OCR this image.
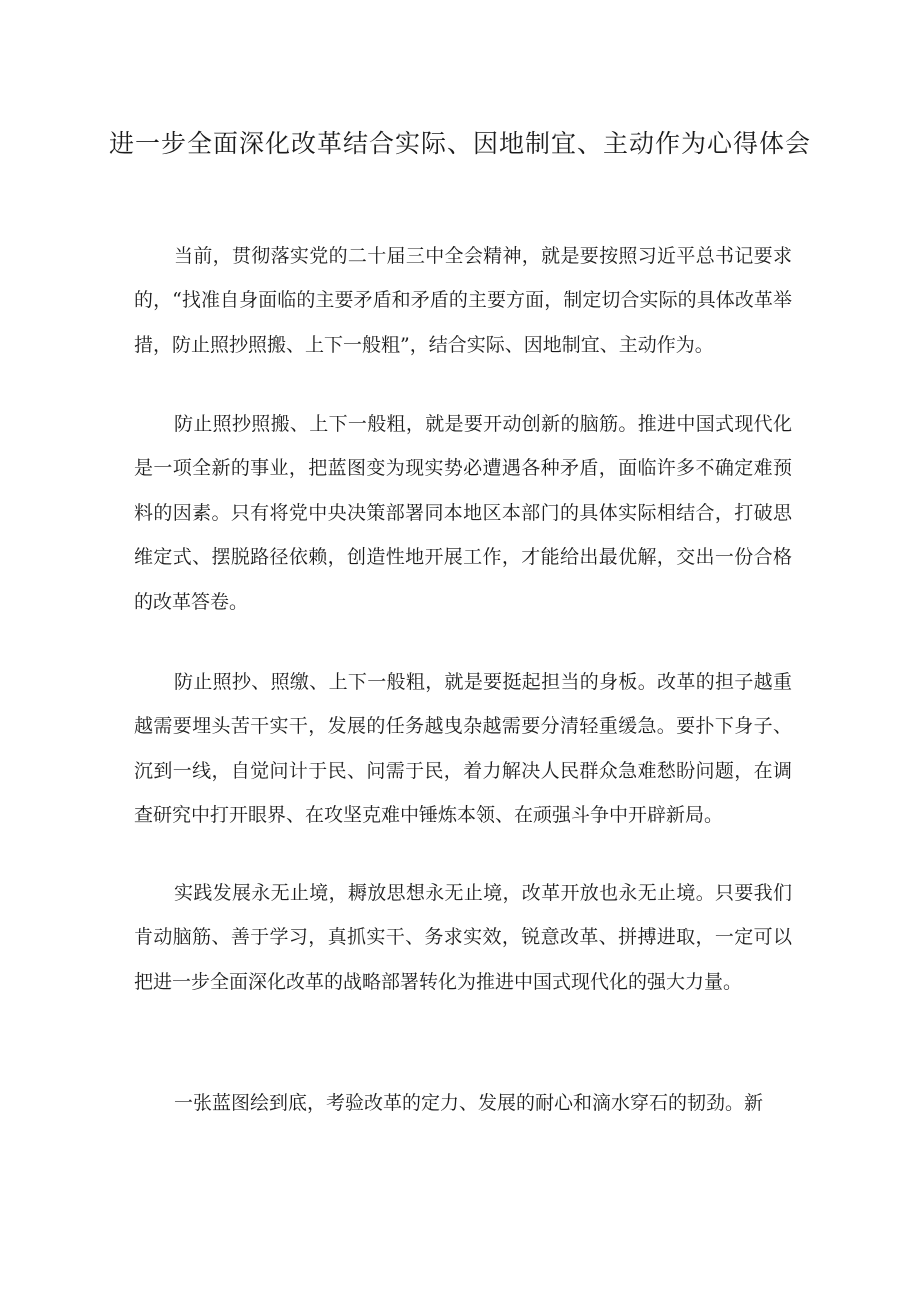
进一步全面深化改革结合实际、因地制宜、主动作为心得体会

当前，贯彻落实党的二十届三中全会精神，就是要按照习近平总书记要求的，“找准自身面临的主要矛盾和矛盾的主要方面，制定切合实际的具体改革举措，防止照抄照搬、上下一般粗”，结合实际、因地制宜、主动作为。

防止照抄照搬、上下一般粗，就是要开动创新的脑筋。推进中国式现代化是一项全新的事业，把蓝图变为现实势必遭遇各种矛盾，面临许多不确定难预料的因素。只有将党中央决策部署同本地区本部门的具体实际相结合，打破思维定式、摆脱路径依赖，创造性地开展工作，才能给出最优解，交出一份合格的改革答卷。

防止照抄、照缴、上下一般粗，就是要挺起担当的身板。改革的担子越重越需要埋头苦干实干，发展的任务越曳杂越需要分清轻重缓急。要扑下身子、沉到一线，自觉问计于民、问需于民，着力解决人民群众急难愁盼问题，在调查研究中打开眼界、在攻坚克难中锤炼本领、在顽强斗争中开辟新局。

实践发展永无止境，耨放思想永无止境，改革开放也永无止境。只要我们肯动脑筋、善于学习，真抓实干、务求实效，锐意改革、拼搏进取，一定可以把进一步全面深化改革的战略部署转化为推进中国式现代化的强大力量。

一张蓝图绘到底，考验改革的定力、发展的耐心和滴水穿石的韧劲。新
